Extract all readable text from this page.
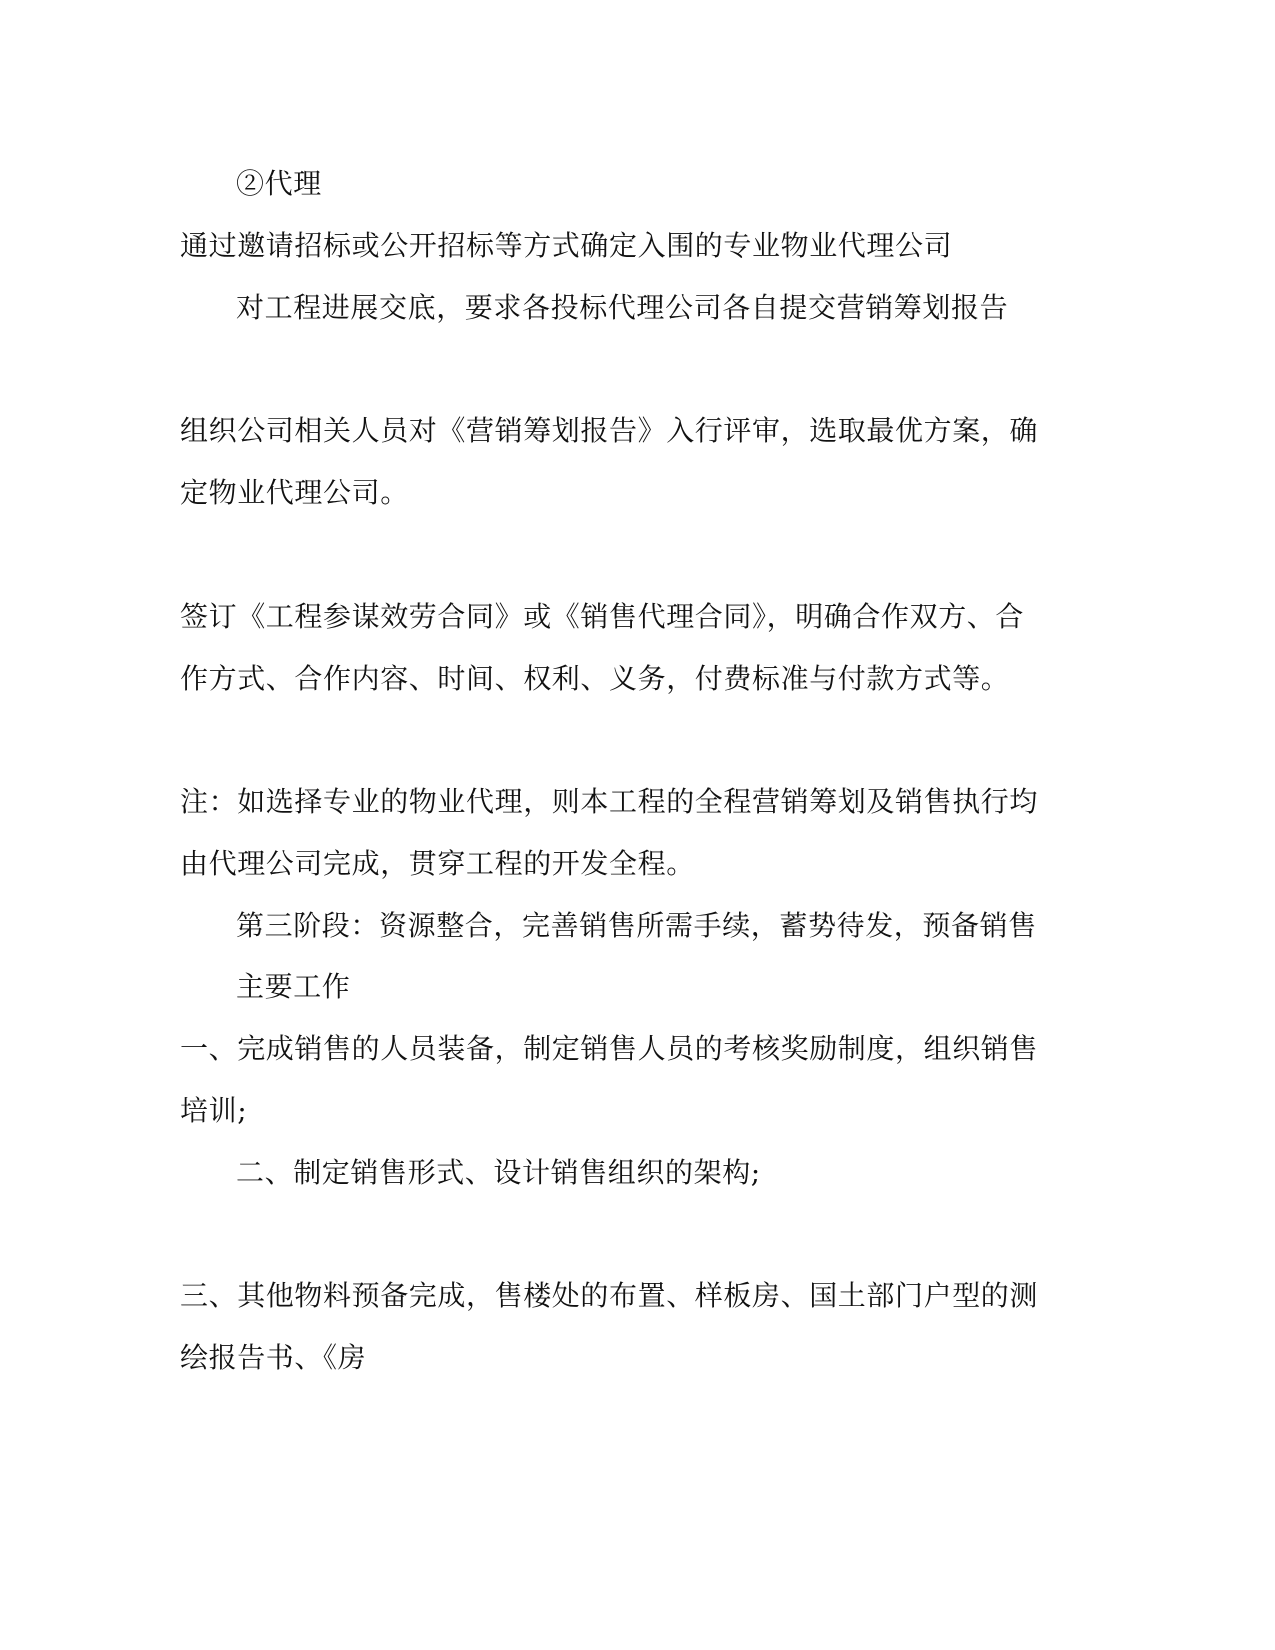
②代理
通过邀请招标或公开招标等方式确定入围的专业物业代理公司
对工程进展交底，要求各投标代理公司各自提交营销筹划报告
组织公司相关人员对《营销筹划报告》入行评审，选取最优方案，确
定物业代理公司。
签订《工程参谋效劳合同》或《销售代理合同》，明确合作双方、合
作方式、合作内容、时间、权利、义务，付费标准与付款方式等。
注：如选择专业的物业代理，则本工程的全程营销筹划及销售执行均
由代理公司完成，贯穿工程的开发全程。
第三阶段：资源整合，完善销售所需手续，蓄势待发，预备销售
主要工作
一、完成销售的人员装备，制定销售人员的考核奖励制度，组织销售
培训;
二、制定销售形式、设计销售组织的架构;
三、其他物料预备完成，售楼处的布置、样板房、国土部门户型的测
绘报告书、《房
